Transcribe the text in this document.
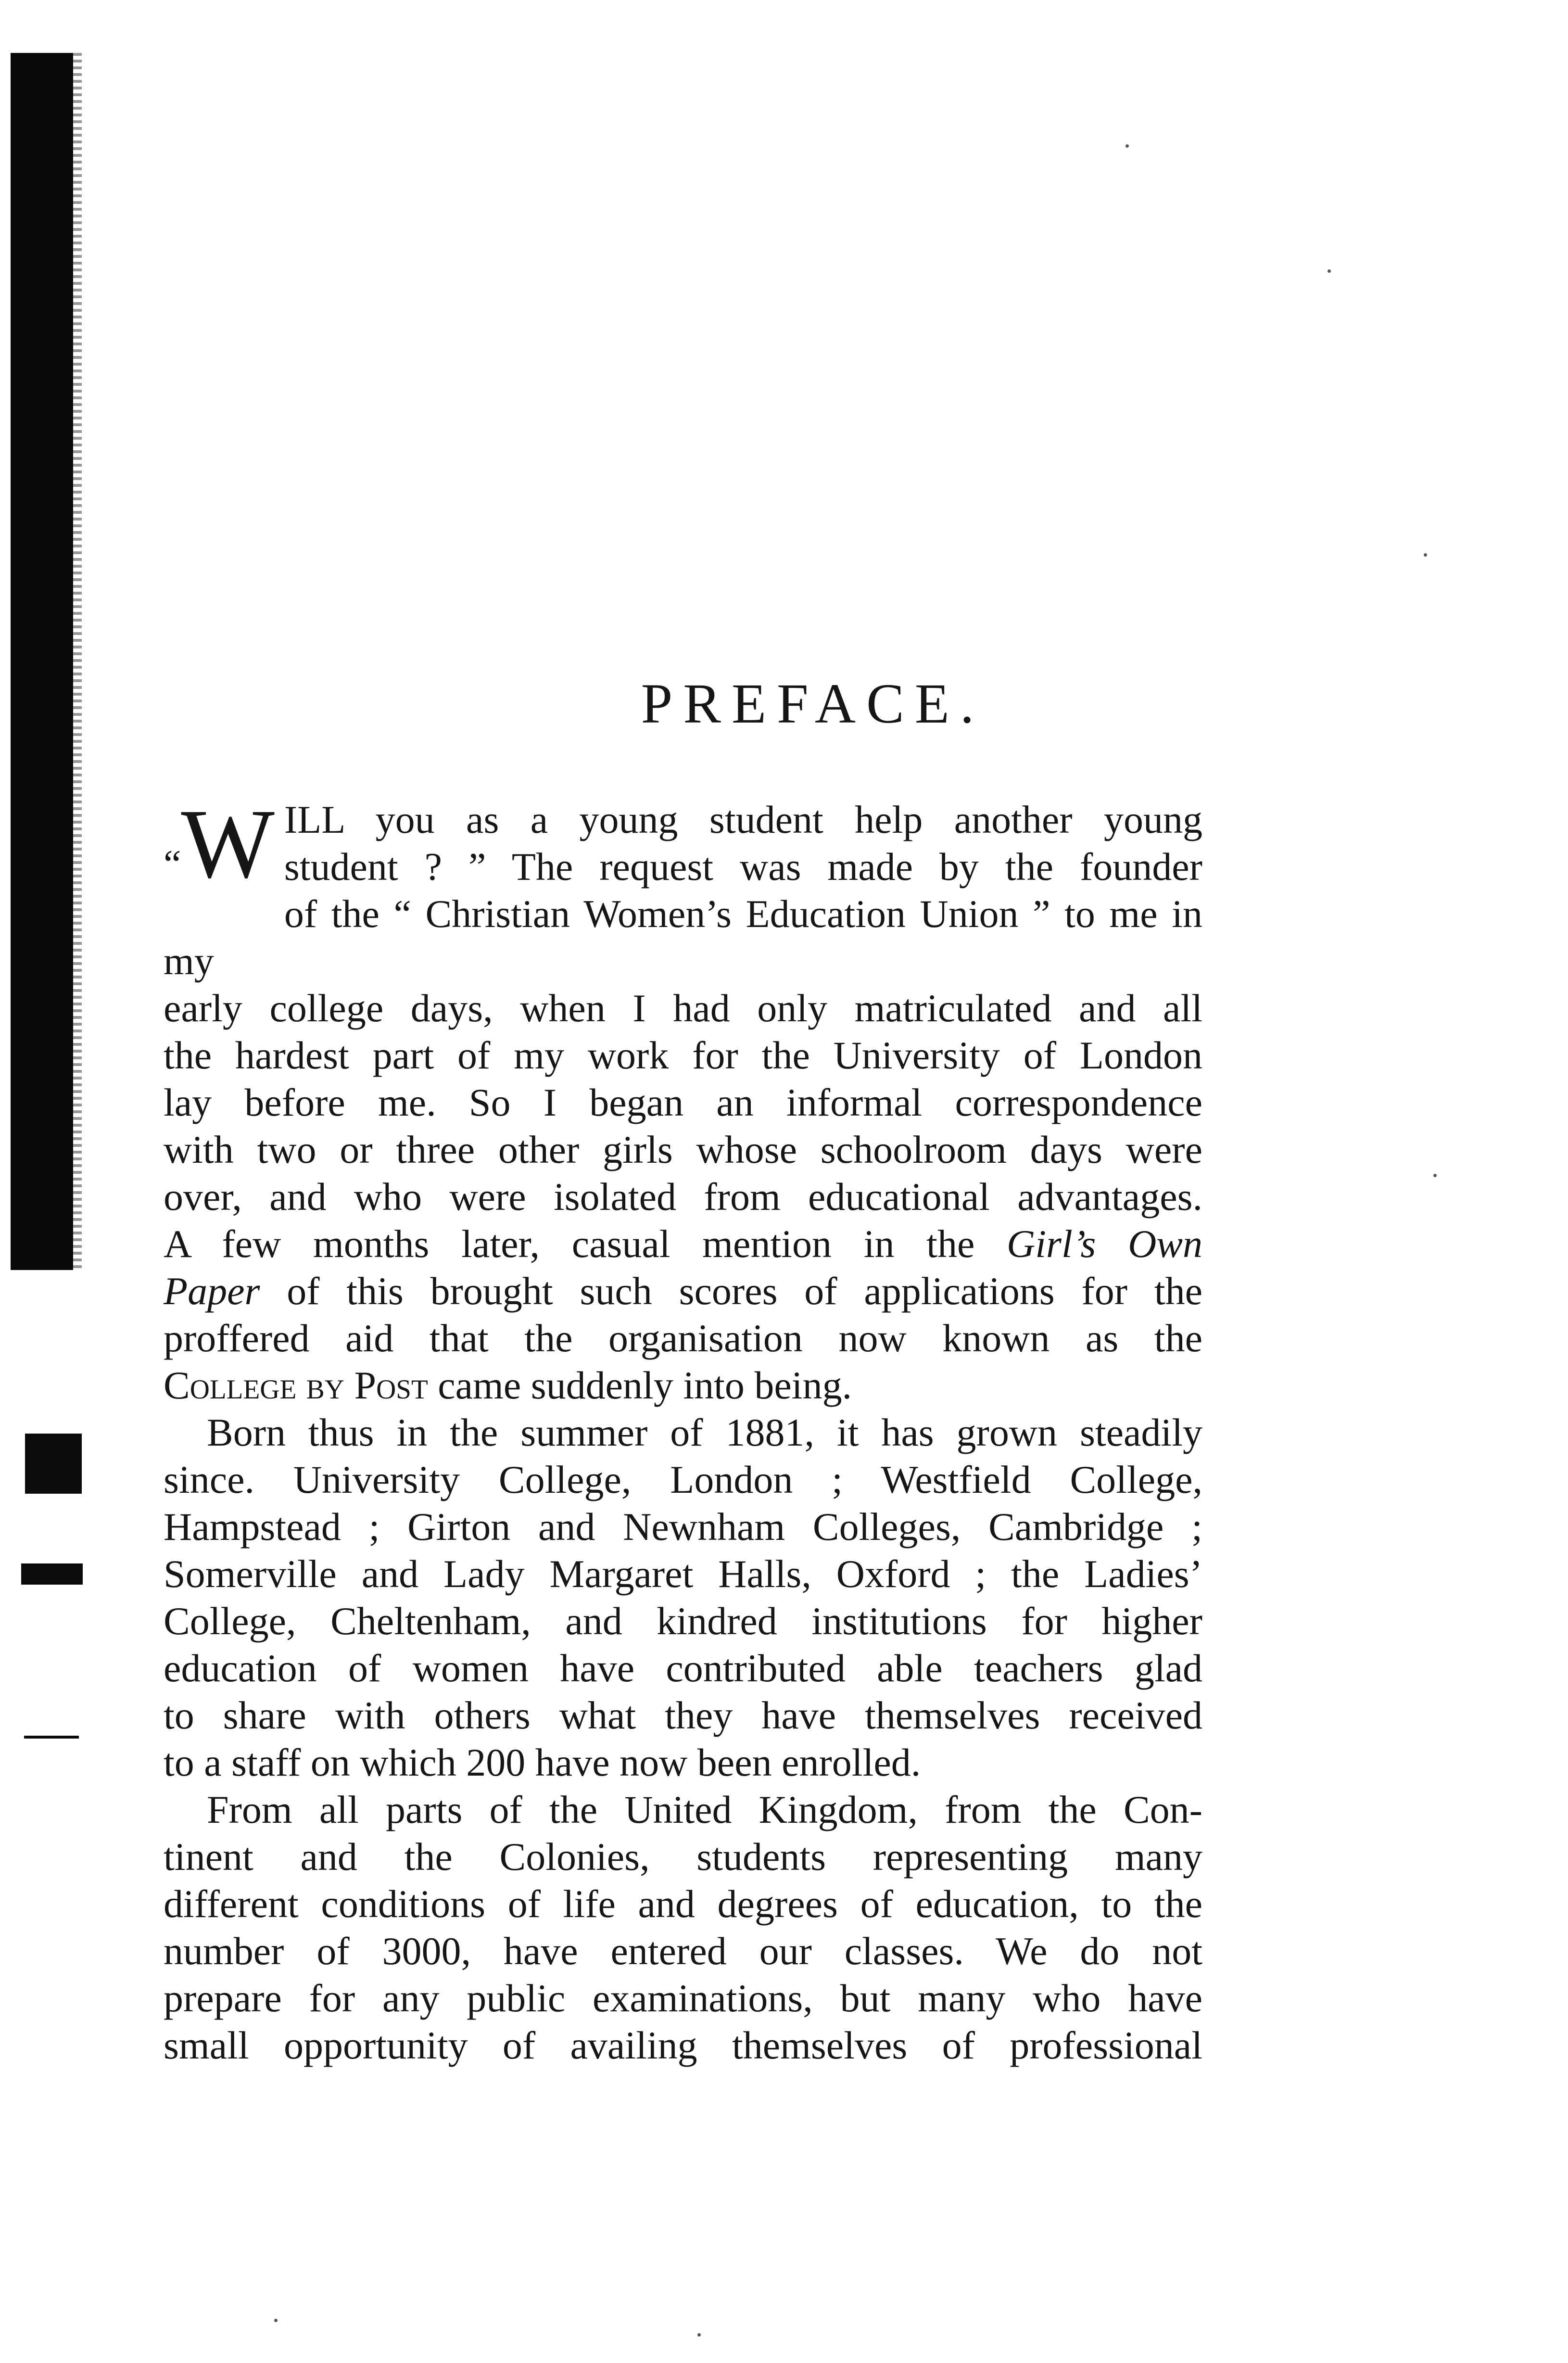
PREFACE.
“W ILL you as a young student help another young

student ? ” The request was made by the founder

of the “ Christian Women’s Education Union ” to me in my

early college days, when I had only matriculated and all

the hardest part of my work for the University of London

lay before me. So I began an informal correspondence

with two or three other girls whose schoolroom days were

over, and who were isolated from educational advantages.

A few months later, casual mention in the Girl’s Own

Paper of this brought such scores of applications for the

proffered aid that the organisation now known as the

College by Post came suddenly into being.

Born thus in the summer of 1881, it has grown steadily

since. University College, London ; Westfield College,

Hampstead ; Girton and Newnham Colleges, Cambridge ;

Somerville and Lady Margaret Halls, Oxford ; the Ladies’

College, Cheltenham, and kindred institutions for higher

education of women have contributed able teachers glad

to share with others what they have themselves received

to a staff on which 200 have now been enrolled.

From all parts of the United Kingdom, from the Con-

tinent and the Colonies, students representing many

different conditions of life and degrees of education, to the

number of 3000, have entered our classes. We do not

prepare for any public examinations, but many who have

small opportunity of availing themselves of professional
